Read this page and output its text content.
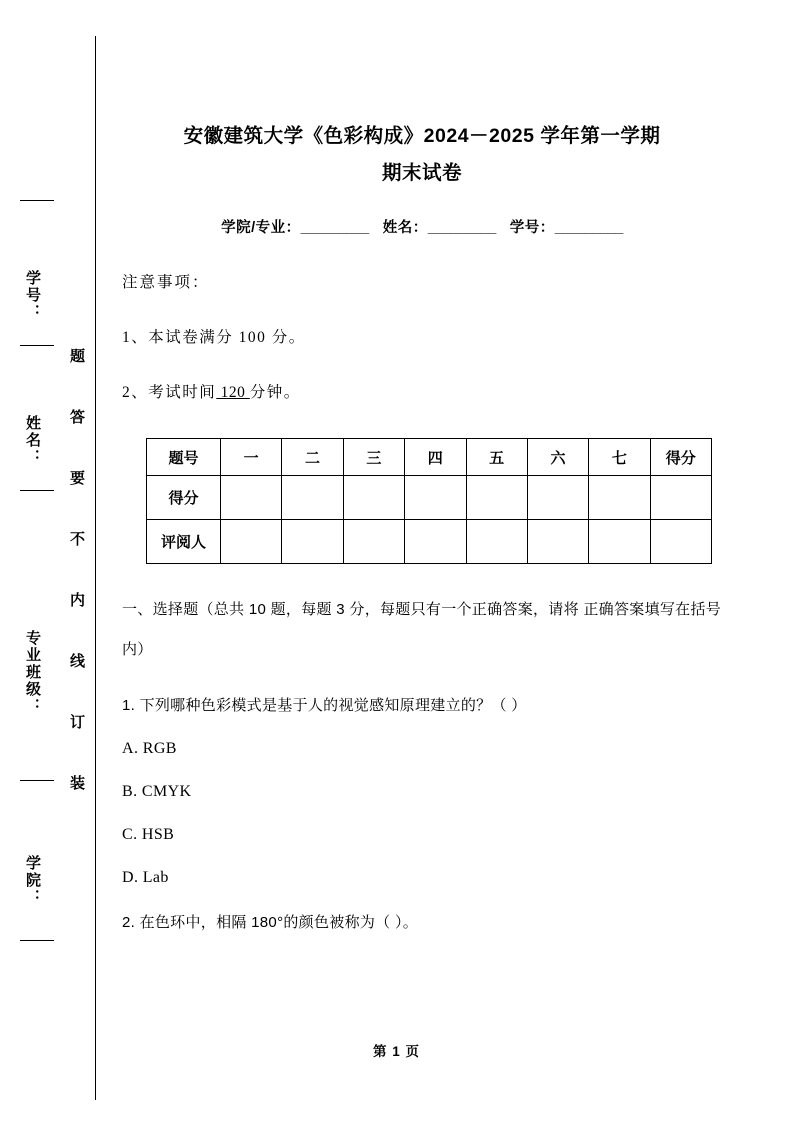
学号：
姓名：
专业班级：
学院：
题答要不内线订装
安徽建筑大学《色彩构成》2024－2025 学年第一学期
期末试卷

学院/专业：_________ 姓名：_________ 学号：_________

注意事项：

1、本试卷满分 100 分。

2、考试时间 120 分钟。

题号	一	二	三	四	五	六	七	得分
得分								
评阅人								

一、选择题（总共 10 题，每题 3 分，每题只有一个正确答案，请将 正确答案填写在括号内）

1. 下列哪种色彩模式是基于人的视觉感知原理建立的？（ ）

A. RGB

B. CMYK

C. HSB

D. Lab

2. 在色环中，相隔 180°的颜色被称为（ ）。

第 1 页
